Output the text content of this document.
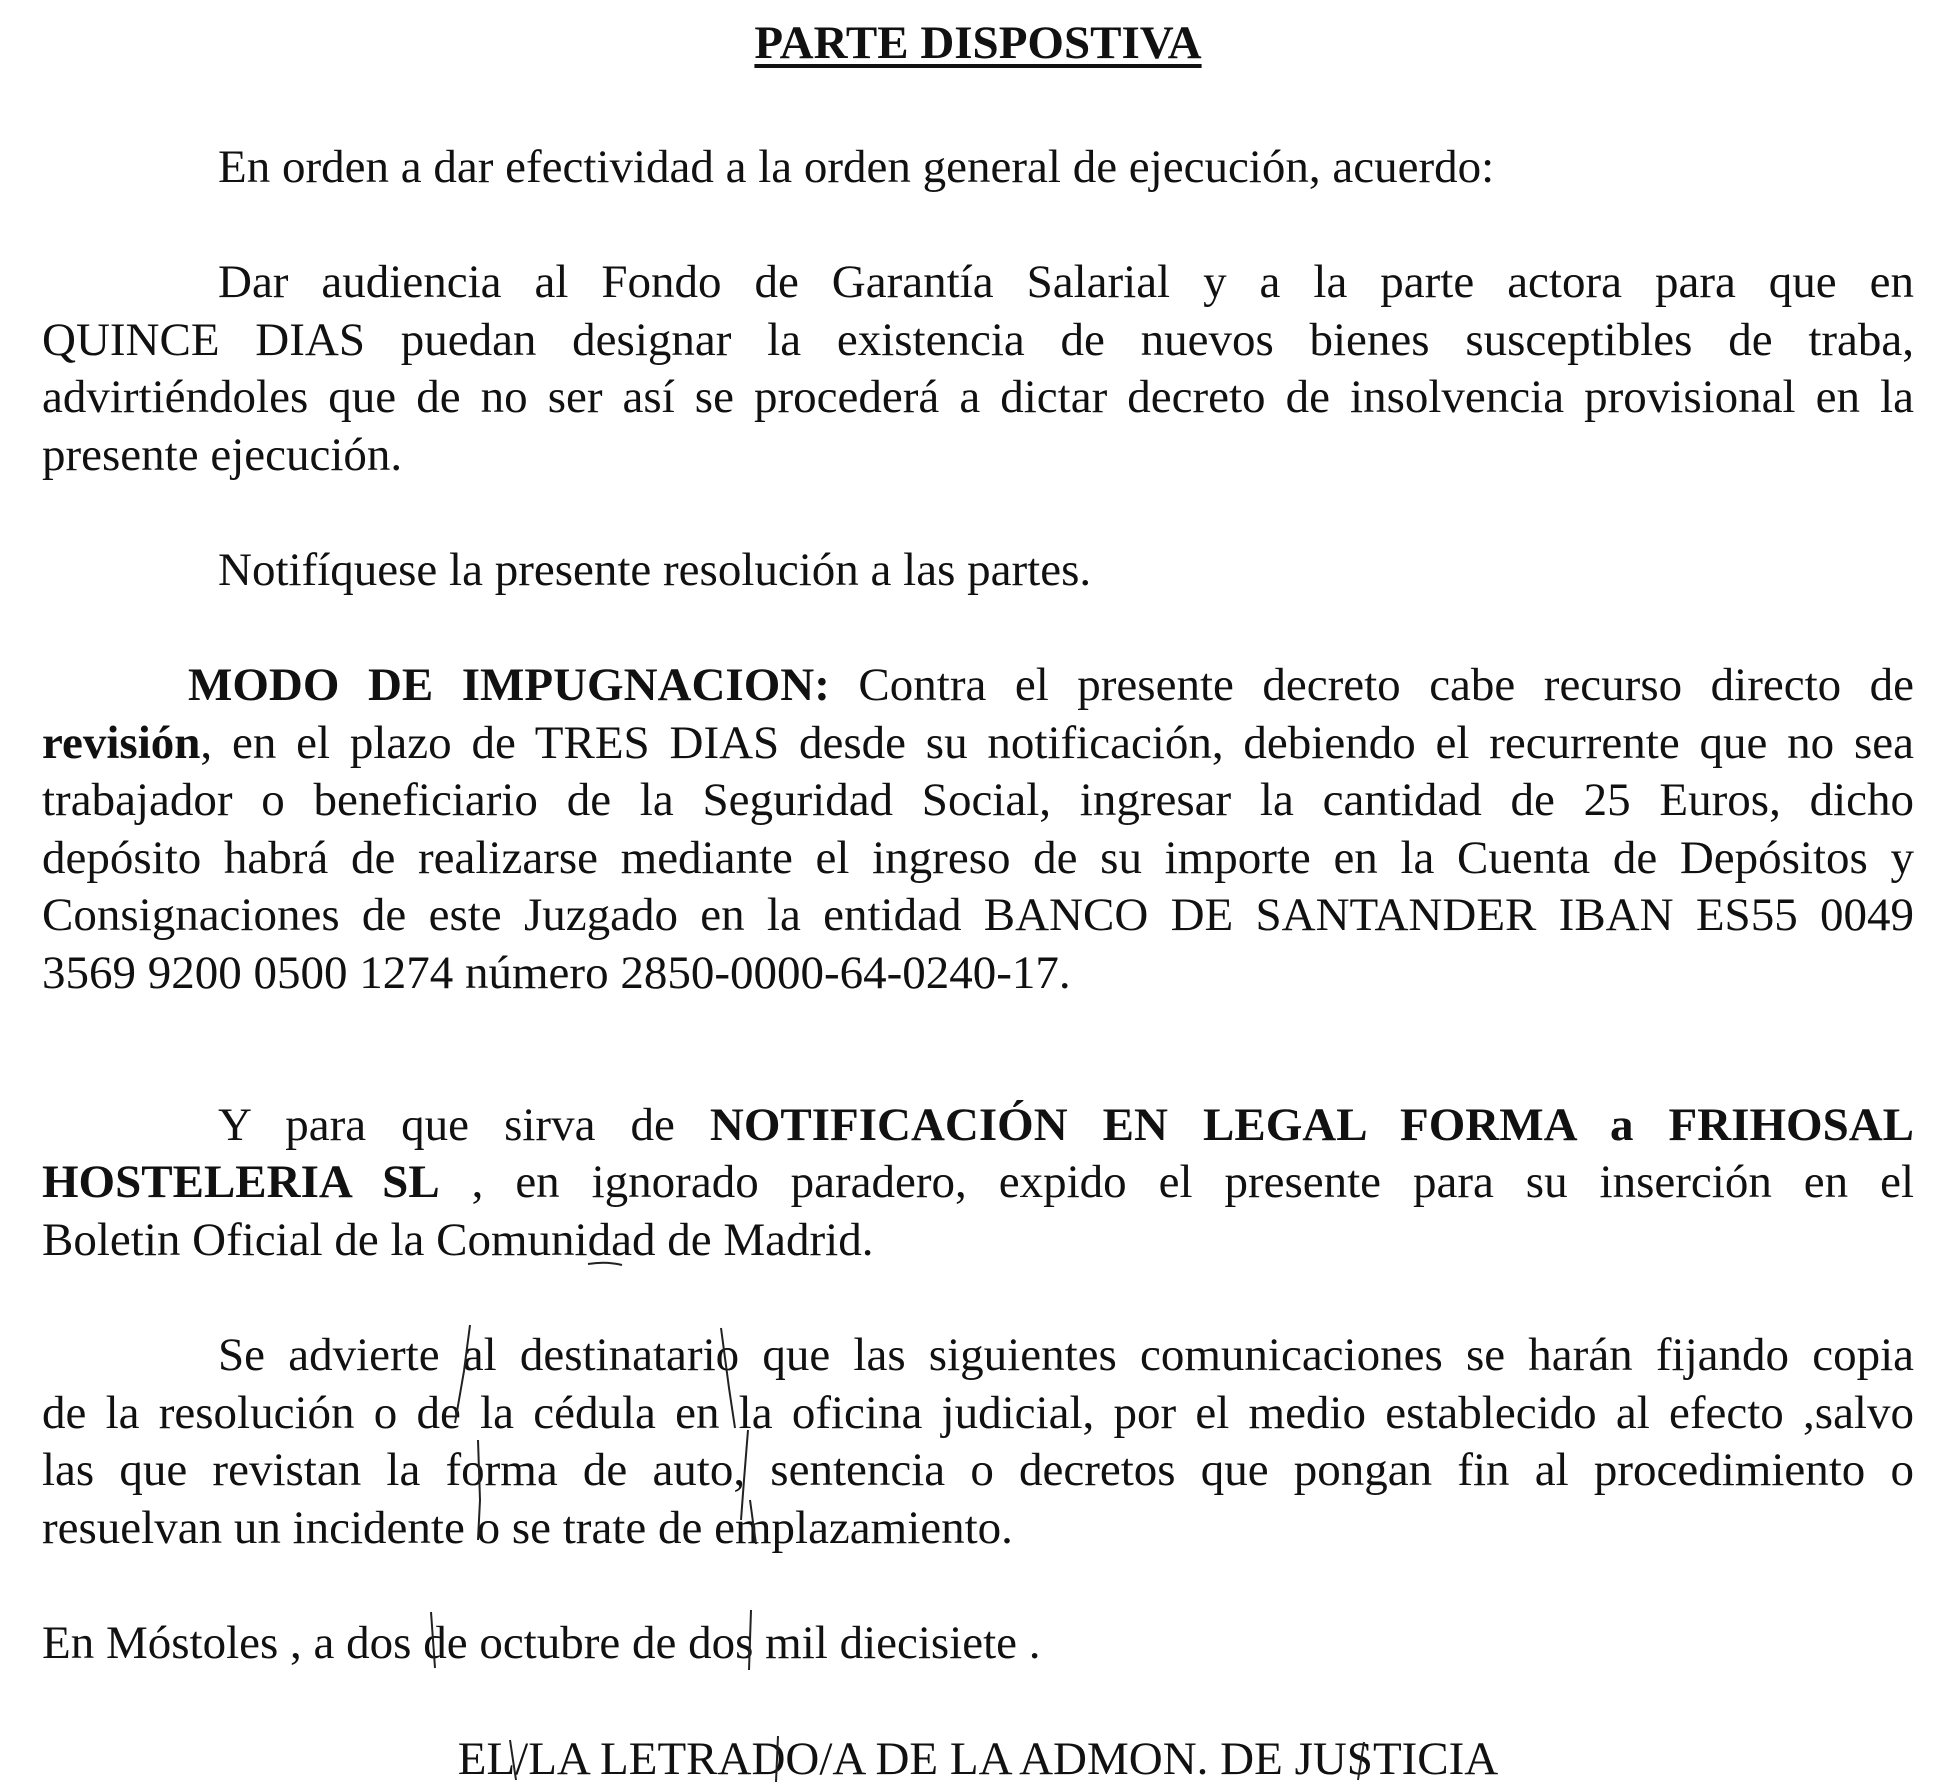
PARTE DISPOSTIVA
En orden a dar efectividad a la orden general de ejecución, acuerdo:
Dar audiencia al Fondo de Garantía Salarial y a la parte actora para que en
QUINCE DIAS puedan designar la existencia de nuevos bienes susceptibles de traba,
advirtiéndoles que de no ser así se procederá a dictar decreto de insolvencia provisional en la
presente ejecución.
Notifíquese la presente resolución a las partes.
MODO DE IMPUGNACION: Contra el presente decreto cabe recurso directo de
revisión, en el plazo de TRES DIAS desde su notificación, debiendo el recurrente que no sea
trabajador o beneficiario de la Seguridad Social, ingresar la cantidad de 25 Euros, dicho
depósito habrá de realizarse mediante el ingreso de su importe en la Cuenta de Depósitos y
Consignaciones de este Juzgado en la entidad BANCO DE SANTANDER IBAN ES55 0049
3569 9200 0500 1274 número 2850-0000-64-0240-17.
Y para que sirva de NOTIFICACIÓN EN LEGAL FORMA a FRIHOSAL
HOSTELERIA SL , en ignorado paradero, expido el presente para su inserción en el
Boletin Oficial de la Comunidad de Madrid.
Se advierte al destinatario que las siguientes comunicaciones se harán fijando copia
de la resolución o de la cédula en la oficina judicial, por el medio establecido al efecto ,salvo
las que revistan la forma de auto, sentencia o decretos que pongan fin al procedimiento o
resuelvan un incidente o se trate de emplazamiento.
En Móstoles , a dos de octubre de dos mil diecisiete .
EL/LA LETRADO/A DE LA ADMON. DE JUSTICIA
